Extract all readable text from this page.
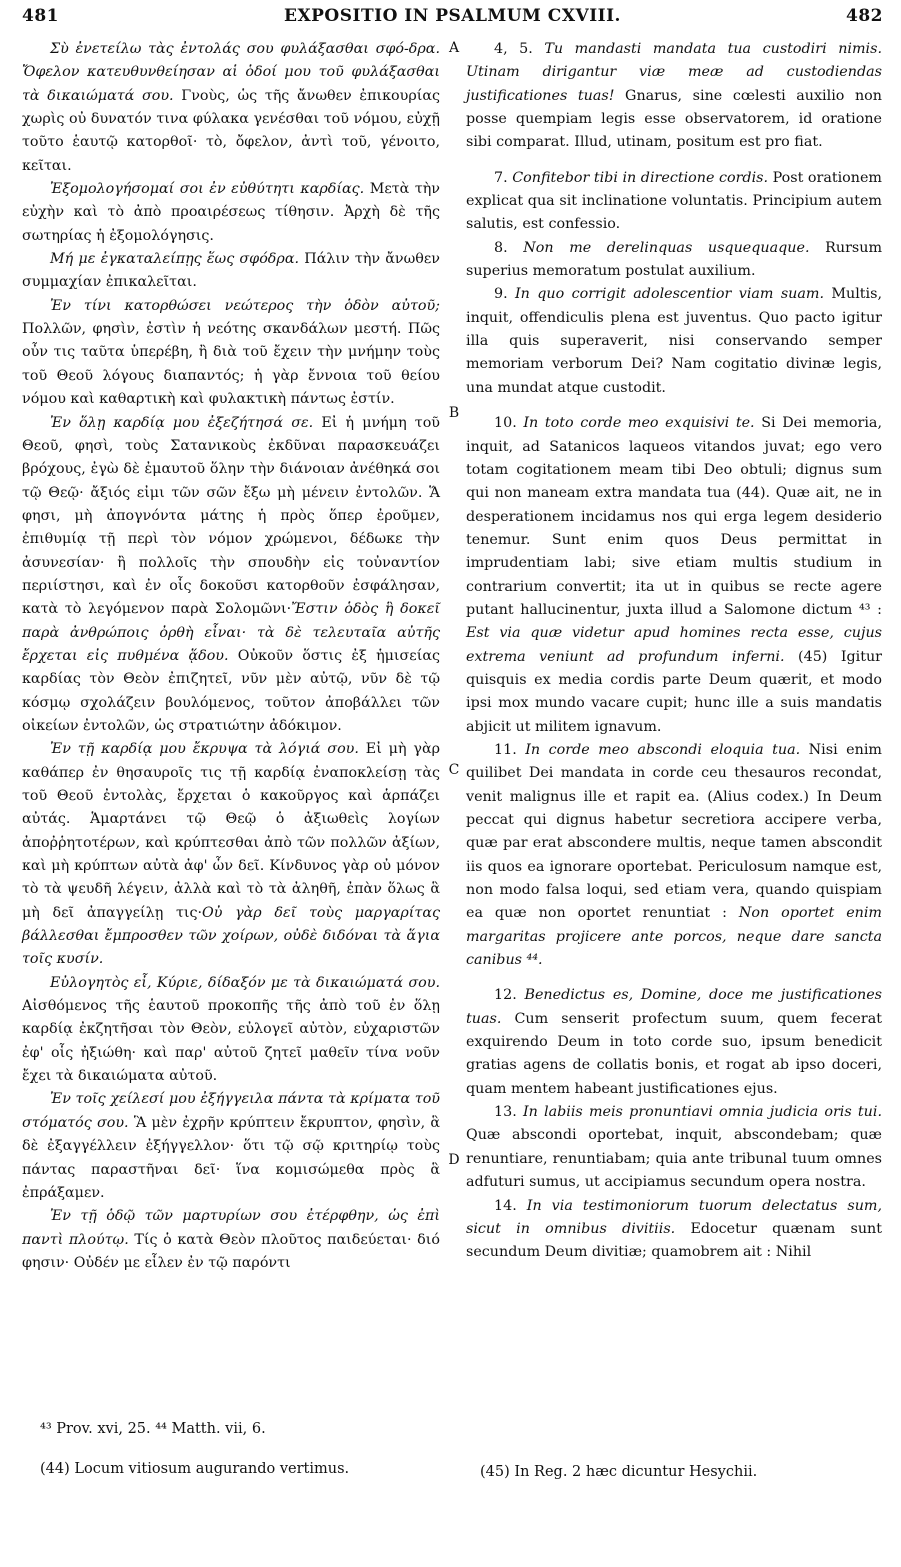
481	EXPOSITIO IN PSALMUM CXVIII.	482

Σὺ ἐνετείλω τὰς ἐντολάς σου φυλάξασθαι σφό-δρα. Ὄφελον κατευθυνθείησαν αἱ ὁδοί μου τοῦ φυλάξασθαι τὰ δικαιώματά σου. Γνοὺς, ὡς τῆς ἄνωθεν ἐπικουρίας χωρὶς οὐ δυνατόν τινα φύλακα γενέσθαι τοῦ νόμου, εὐχῇ τοῦτο ἑαυτῷ κατορθοῖ· τὸ, ὄφελον, ἀντὶ τοῦ, γένοιτο, κεῖται.

Ἐξομολογήσομαί σοι ἐν εὐθύτητι καρδίας. Μετὰ τὴν εὐχὴν καὶ τὸ ἀπὸ προαιρέσεως τίθησιν. Ἀρχὴ δὲ τῆς σωτηρίας ἡ ἐξομολόγησις.

Μή με ἐγκαταλείπῃς ἕως σφόδρα. Πάλιν τὴν ἄνωθεν συμμαχίαν ἐπικαλεῖται.

Ἐν τίνι κατορθώσει νεώτερος τὴν ὁδὸν αὐτοῦ; Πολλῶν, φησὶν, ἐστὶν ἡ νεότης σκανδάλων μεστή. Πῶς οὖν τις ταῦτα ὑπερέβη, ἢ διὰ τοῦ ἔχειν τὴν μνήμην τοὺς τοῦ Θεοῦ λόγους διαπαντός; ἡ γὰρ ἔννοια τοῦ θείου νόμου καὶ καθαρτικὴ καὶ φυλακτικὴ πάντως ἐστίν.

Ἐν ὅλῃ καρδίᾳ μου ἐξεζήτησά σε. Εἰ ἡ μνήμη τοῦ Θεοῦ, φησὶ, τοὺς Σατανικοὺς ἐκδῦναι παρασκευάζει βρόχους, ἐγὼ δὲ ἐμαυτοῦ ὅλην τὴν διάνοιαν ἀνέθηκά σοι τῷ Θεῷ· ἄξιός εἰμι τῶν σῶν ἔξω μὴ μένειν ἐντολῶν. Ἅ φησι, μὴ ἀπογνόντα μάτης ἡ πρὸς ὅπερ ἐροῦμεν, ἐπιθυμίᾳ τῇ περὶ τὸν νόμον χρώμενοι, δέδωκε τὴν ἀσυνεσίαν· ἢ πολλοῖς τὴν σπουδὴν εἰς τοὐναντίον περιίστησι, καὶ ἐν οἷς δοκοῦσι κατορθοῦν ἐσφάλησαν, κατὰ τὸ λεγόμενον παρὰ Σολομῶνι·Ἔστιν ὁδὸς ἣ δοκεῖ παρὰ ἀνθρώποις ὀρθὴ εἶναι· τὰ δὲ τελευταῖα αὐτῆς ἔρχεται εἰς πυθμένα ᾅδου. Οὐκοῦν ὅστις ἐξ ἡμισείας καρδίας τὸν Θεὸν ἐπιζητεῖ, νῦν μὲν αὐτῷ, νῦν δὲ τῷ κόσμῳ σχολάζειν βουλόμενος, τοῦτον ἀποβάλλει τῶν οἰκείων ἐντολῶν, ὡς στρατιώτην ἀδόκιμον.

Ἐν τῇ καρδίᾳ μου ἔκρυψα τὰ λόγιά σου. Εἰ μὴ γὰρ καθάπερ ἐν θησαυροῖς τις τῇ καρδίᾳ ἐναποκλείσῃ τὰς τοῦ Θεοῦ ἐντολὰς, ἔρχεται ὁ κακοῦργος καὶ ἁρπάζει αὐτάς. Ἁμαρτάνει τῷ Θεῷ ὁ ἀξιωθεὶς λογίων ἀποῤῥητοτέρων, καὶ κρύπτεσθαι ἀπὸ τῶν πολλῶν ἀξίων, καὶ μὴ κρύπτων αὐτὰ ἀφ' ὧν δεῖ. Κίνδυνος γὰρ οὐ μόνον τὸ τὰ ψευδῆ λέγειν, ἀλλὰ καὶ τὸ τὰ ἀληθῆ, ἐπὰν ὅλως ἃ μὴ δεῖ ἀπαγγείλῃ τις·Οὐ γὰρ δεῖ τοὺς μαργαρίτας βάλλεσθαι ἔμπροσθεν τῶν χοίρων, οὐδὲ διδόναι τὰ ἅγια τοῖς κυσίν.

Εὐλογητὸς εἶ, Κύριε, δίδαξόν με τὰ δικαιώματά σου. Αἰσθόμενος τῆς ἑαυτοῦ προκοπῆς τῆς ἀπὸ τοῦ ἐν ὅλῃ καρδίᾳ ἐκζητῆσαι τὸν Θεὸν, εὐλογεῖ αὐτὸν, εὐχαριστῶν ἐφ' οἷς ἠξιώθη· καὶ παρ' αὐτοῦ ζητεῖ μαθεῖν τίνα νοῦν ἔχει τὰ δικαιώματα αὐτοῦ.

Ἐν τοῖς χείλεσί μου ἐξήγγειλα πάντα τὰ κρίματα τοῦ στόματός σου. Ἃ μὲν ἐχρῆν κρύπτειν ἔκρυπτον, φησὶν, ἃ δὲ ἐξαγγέλλειν ἐξήγγελλον· ὅτι τῷ σῷ κριτηρίῳ τοὺς πάντας παραστῆναι δεῖ· ἵνα κομισώμεθα πρὸς ἃ ἐπράξαμεν.

Ἐν τῇ ὁδῷ τῶν μαρτυρίων σου ἐτέρφθην, ὡς ἐπὶ παντὶ πλούτῳ. Τίς ὁ κατὰ Θεὸν πλοῦτος παιδεύεται· διό φησιν· Οὐδέν με εἷλεν ἐν τῷ παρόντι

A
B
C
D

4, 5. Tu mandasti mandata tua custodiri nimis. Utinam dirigantur viæ meæ ad custodiendas justificationes tuas! Gnarus, sine cœlesti auxilio non posse quempiam legis esse observatorem, id oratione sibi comparat. Illud, utinam, positum est pro fiat.

7. Confitebor tibi in directione cordis. Post orationem explicat qua sit inclinatione voluntatis. Principium autem salutis, est confessio.

8. Non me derelinquas usquequaque. Rursum superius memoratum postulat auxilium.

9. In quo corrigit adolescentior viam suam. Multis, inquit, offendiculis plena est juventus. Quo pacto igitur illa quis superaverit, nisi conservando semper memoriam verborum Dei? Nam cogitatio divinæ legis, una mundat atque custodit.

10. In toto corde meo exquisivi te. Si Dei memoria, inquit, ad Satanicos laqueos vitandos juvat; ego vero totam cogitationem meam tibi Deo obtuli; dignus sum qui non maneam extra mandata tua (44). Quæ ait, ne in desperationem incidamus nos qui erga legem desiderio tenemur. Sunt enim quos Deus permittat in imprudentiam labi; sive etiam multis studium in contrarium convertit; ita ut in quibus se recte agere putant hallucinentur, juxta illud a Salomone dictum ⁴³ : Est via quæ videtur apud homines recta esse, cujus extrema veniunt ad profundum inferni. (45) Igitur quisquis ex media cordis parte Deum quærit, et modo ipsi mox mundo vacare cupit; hunc ille a suis mandatis abjicit ut militem ignavum.

11. In corde meo abscondi eloquia tua. Nisi enim quilibet Dei mandata in corde ceu thesauros recondat, venit malignus ille et rapit ea. (Alius codex.) In Deum peccat qui dignus habetur secretiora accipere verba, quæ par erat abscondere multis, neque tamen abscondit iis quos ea ignorare oportebat. Periculosum namque est, non modo falsa loqui, sed etiam vera, quando quispiam ea quæ non oportet renuntiat : Non oportet enim margaritas projicere ante porcos, neque dare sancta canibus ⁴⁴.

12. Benedictus es, Domine, doce me justificationes tuas. Cum senserit profectum suum, quem fecerat exquirendo Deum in toto corde suo, ipsum benedicit gratias agens de collatis bonis, et rogat ab ipso doceri, quam mentem habeant justificationes ejus.

13. In labiis meis pronuntiavi omnia judicia oris tui. Quæ abscondi oportebat, inquit, abscondebam; quæ renuntiare, renuntiabam; quia ante tribunal tuum omnes adfuturi sumus, ut accipiamus secundum opera nostra.

14. In via testimoniorum tuorum delectatus sum, sicut in omnibus divitiis. Edocetur quænam sunt secundum Deum divitiæ; quamobrem ait : Nihil

⁴³ Prov. xvi, 25. ⁴⁴ Matth. vii, 6.

(44) Locum vitiosum augurando vertimus.	(45) In Reg. 2 hæc dicuntur Hesychii.
